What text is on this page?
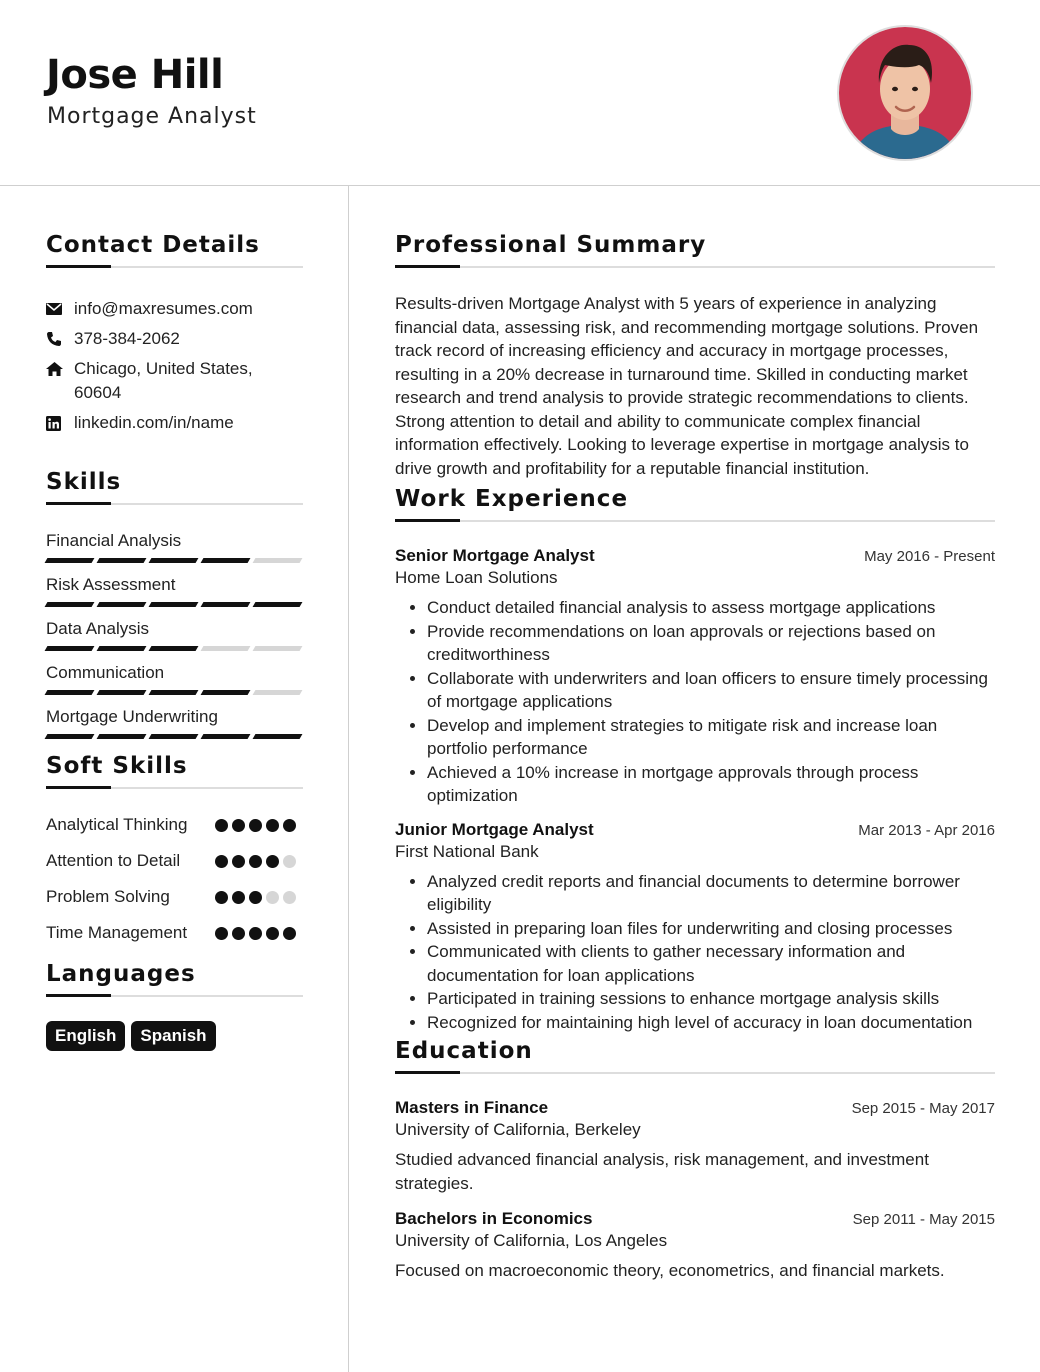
Jose Hill
Mortgage Analyst
Contact Details
info@maxresumes.com
378-384-2062
Chicago, United States, 60604
linkedin.com/in/name
Skills
Financial Analysis
Risk Assessment
Data Analysis
Communication
Mortgage Underwriting
Soft Skills
Analytical Thinking
Attention to Detail
Problem Solving
Time Management
Languages
English	Spanish
Professional Summary

Results-driven Mortgage Analyst with 5 years of experience in analyzing financial data, assessing risk, and recommending mortgage solutions. Proven track record of increasing efficiency and accuracy in mortgage processes, resulting in a 20% decrease in turnaround time. Skilled in conducting market research and trend analysis to provide strategic recommendations to clients. Strong attention to detail and ability to communicate complex financial information effectively. Looking to leverage expertise in mortgage analysis to drive growth and profitability for a reputable financial institution.

Work Experience
Senior Mortgage Analyst	May 2016 - Present
Home Loan Solutions
• Conduct detailed financial analysis to assess mortgage applications
• Provide recommendations on loan approvals or rejections based on creditworthiness
• Collaborate with underwriters and loan officers to ensure timely processing of mortgage applications
• Develop and implement strategies to mitigate risk and increase loan portfolio performance
• Achieved a 10% increase in mortgage approvals through process optimization
Junior Mortgage Analyst	Mar 2013 - Apr 2016
First National Bank
• Analyzed credit reports and financial documents to determine borrower eligibility
• Assisted in preparing loan files for underwriting and closing processes
• Communicated with clients to gather necessary information and documentation for loan applications
• Participated in training sessions to enhance mortgage analysis skills
• Recognized for maintaining high level of accuracy in loan documentation
Education
Masters in Finance	Sep 2015 - May 2017
University of California, Berkeley

Studied advanced financial analysis, risk management, and investment strategies.

Bachelors in Economics	Sep 2011 - May 2015
University of California, Los Angeles

Focused on macroeconomic theory, econometrics, and financial markets.
